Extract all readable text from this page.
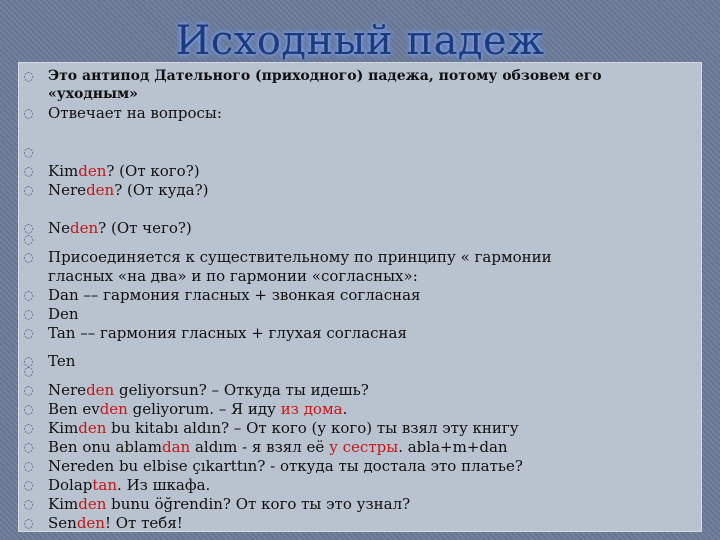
Исходный падеж
◌ Это антипод Дательного (приходного) падежа, потому обзовем его
«уходным»
◌ Отвечает на вопросы:
◌
◌ Kimden? (От кого?)
◌ Nereden? (От куда?)
◌ Neden? (От чего?)
◌
◌ Присоединяется к существительному по принципу « гармонии
гласных «на два» и по гармонии «согласных»:
◌ Dan –– гармония гласных + звонкая согласная
◌ Den
◌ Tan –– гармония гласных + глухая согласная
◌ Ten
◌
◌ Nereden geliyorsun? – Откуда ты идешь?
◌ Ben evden geliyorum. – Я иду из дома.
◌ Kimden bu kitabı aldın? – От кого (у кого) ты взял эту книгу
◌ Ben onu ablamdan aldım - я взял её у сестры. abla+m+dan
◌ Nereden bu elbise çıkarttın? - откуда ты достала это платье?
◌ Dolaptan. Из шкафа.
◌ Kimden bunu öğrendin? От кого ты это узнал?
◌ Senden! От тебя!
